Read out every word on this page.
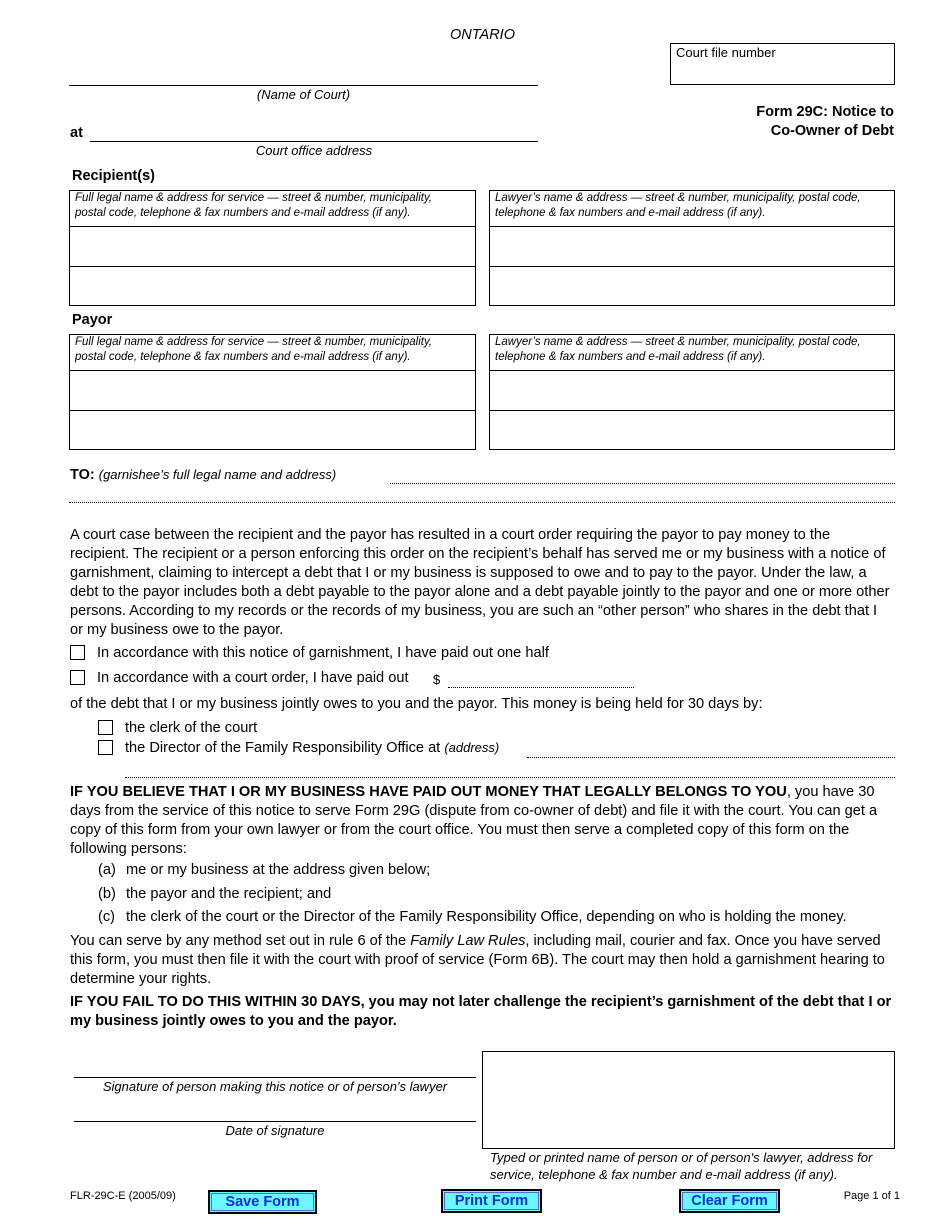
ONTARIO
Court file number
(Name of Court)
at
Court office address
Form 29C: Notice to
Co-Owner of Debt
Recipient(s)
Full legal name & address for service — street & number, municipality, postal code, telephone & fax numbers and e-mail address (if any).
Lawyer’s name & address — street & number, municipality, postal code, telephone & fax numbers and e-mail address (if any).
Payor
Full legal name & address for service — street & number, municipality, postal code, telephone & fax numbers and e-mail address (if any).
Lawyer’s name & address — street & number, municipality, postal code, telephone & fax numbers and e-mail address (if any).
TO: (garnishee’s full legal name and address)
A court case between the recipient and the payor has resulted in a court order requiring the payor to pay money to the recipient. The recipient or a person enforcing this order on the recipient’s behalf has served me or my business with a notice of garnishment, claiming to intercept a debt that I or my business is supposed to owe and to pay to the payor. Under the law, a debt to the payor includes both a debt payable to the payor alone and a debt payable jointly to the payor and one or more other persons. According to my records or the records of my business, you are such an “other person” who shares in the debt that I or my business owe to the payor.
In accordance with this notice of garnishment, I have paid out one half
In accordance with a court order, I have paid out $
of the debt that I or my business jointly owes to you and the payor. This money is being held for 30 days by:
the clerk of the court
the Director of the Family Responsibility Office at (address)
IF YOU BELIEVE THAT I OR MY BUSINESS HAVE PAID OUT MONEY THAT LEGALLY BELONGS TO YOU, you have 30 days from the service of this notice to serve Form 29G (dispute from co-owner of debt) and file it with the court. You can get a copy of this form from your own lawyer or from the court office. You must then serve a completed copy of this form on the following persons:
(a) me or my business at the address given below;
(b) the payor and the recipient; and
(c) the clerk of the court or the Director of the Family Responsibility Office, depending on who is holding the money.
You can serve by any method set out in rule 6 of the Family Law Rules, including mail, courier and fax. Once you have served this form, you must then file it with the court with proof of service (Form 6B). The court may then hold a garnishment hearing to determine your rights.
IF YOU FAIL TO DO THIS WITHIN 30 DAYS, you may not later challenge the recipient’s garnishment of the debt that I or my business jointly owes to you and the payor.
Signature of person making this notice or of person's lawyer
Date of signature
Typed or printed name of person or of person's lawyer, address for service, telephone & fax number and e-mail address (if any).
FLR-29C-E (2005/09)	Save Form	Print Form	Clear Form	Page 1 of 1
